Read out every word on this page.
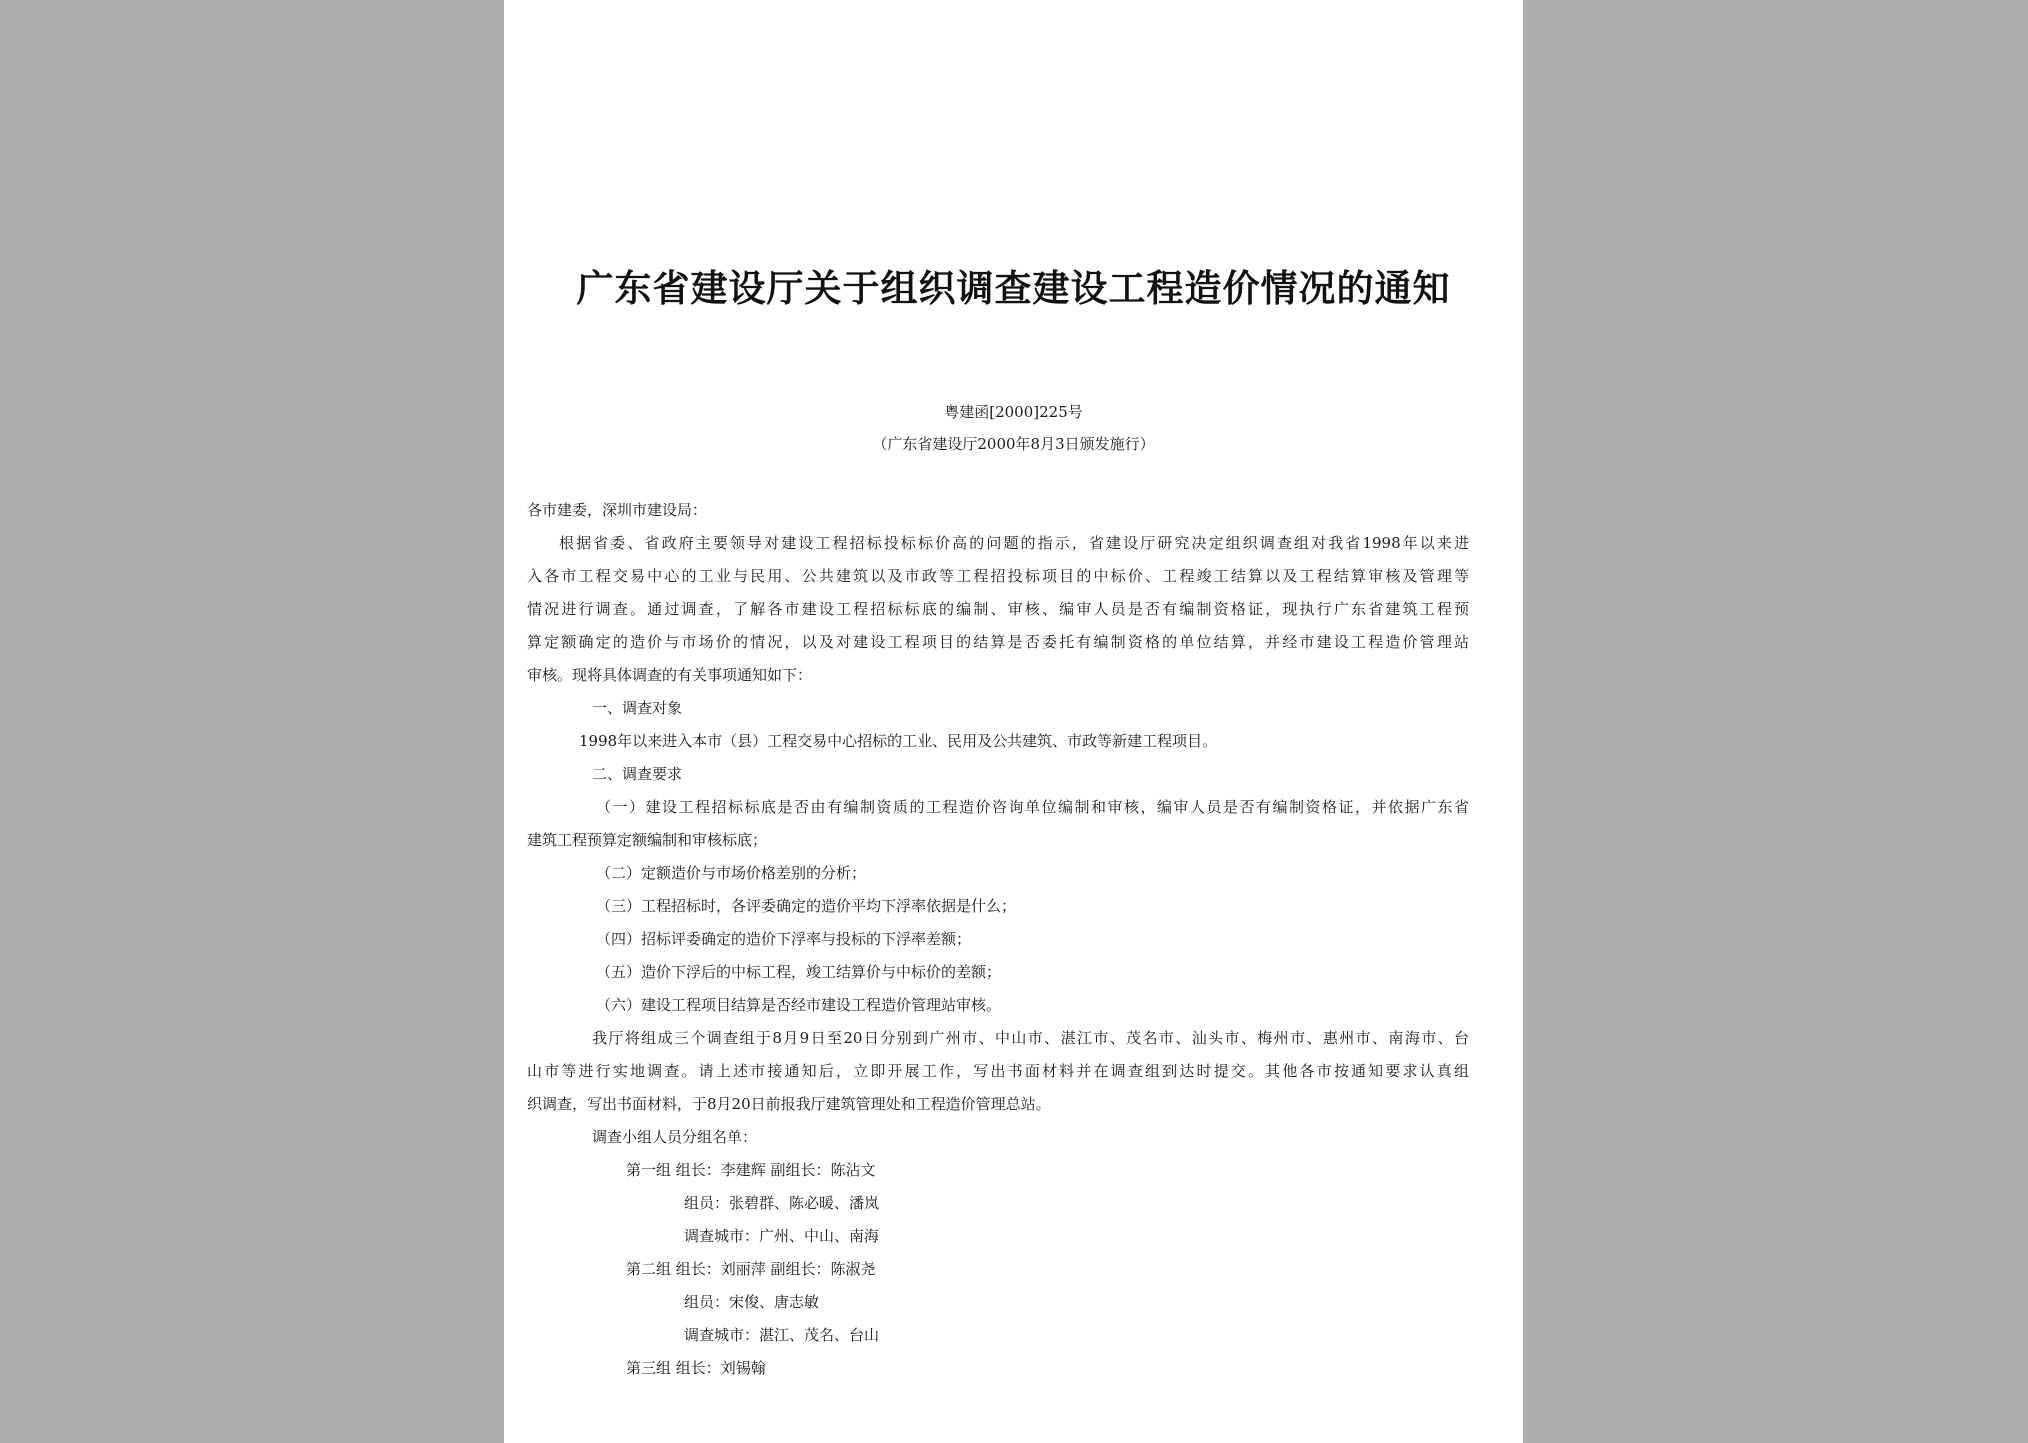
广东省建设厅关于组织调查建设工程造价情况的通知
粤建函[2000]225号
（广东省建设厅2000年8月3日颁发施行）
各市建委，深圳市建设局：
根据省委、省政府主要领导对建设工程招标投标标价高的问题的指示，省建设厅研究决定组织调查组对我省1998年以来进
入各市工程交易中心的工业与民用、公共建筑以及市政等工程招投标项目的中标价、工程竣工结算以及工程结算审核及管理等
情况进行调查。通过调查，了解各市建设工程招标标底的编制、审核、编审人员是否有编制资格证，现执行广东省建筑工程预
算定额确定的造价与市场价的情况，以及对建设工程项目的结算是否委托有编制资格的单位结算，并经市建设工程造价管理站
审核。现将具体调查的有关事项通知如下：
一、调查对象
1998年以来进入本市（县）工程交易中心招标的工业、民用及公共建筑、市政等新建工程项目。
二、调查要求
（一）建设工程招标标底是否由有编制资质的工程造价咨询单位编制和审核，编审人员是否有编制资格证，并依据广东省
建筑工程预算定额编制和审核标底；
（二）定额造价与市场价格差别的分析；
（三）工程招标时，各评委确定的造价平均下浮率依据是什么；
（四）招标评委确定的造价下浮率与投标的下浮率差额；
（五）造价下浮后的中标工程，竣工结算价与中标价的差额；
（六）建设工程项目结算是否经市建设工程造价管理站审核。
我厅将组成三个调查组于8月9日至20日分别到广州市、中山市、湛江市、茂名市、汕头市、梅州市、惠州市、南海市、台
山市等进行实地调查。请上述市接通知后，立即开展工作，写出书面材料并在调查组到达时提交。其他各市按通知要求认真组
织调查，写出书面材料，于8月20日前报我厅建筑管理处和工程造价管理总站。
调查小组人员分组名单：
第一组 组长：李建辉 副组长：陈沾文
组员：张碧群、陈必暖、潘岚
调查城市：广州、中山、南海
第二组 组长：刘丽萍 副组长：陈淑尧
组员：宋俊、唐志敏
调查城市：湛江、茂名、台山
第三组 组长：刘锡翰
